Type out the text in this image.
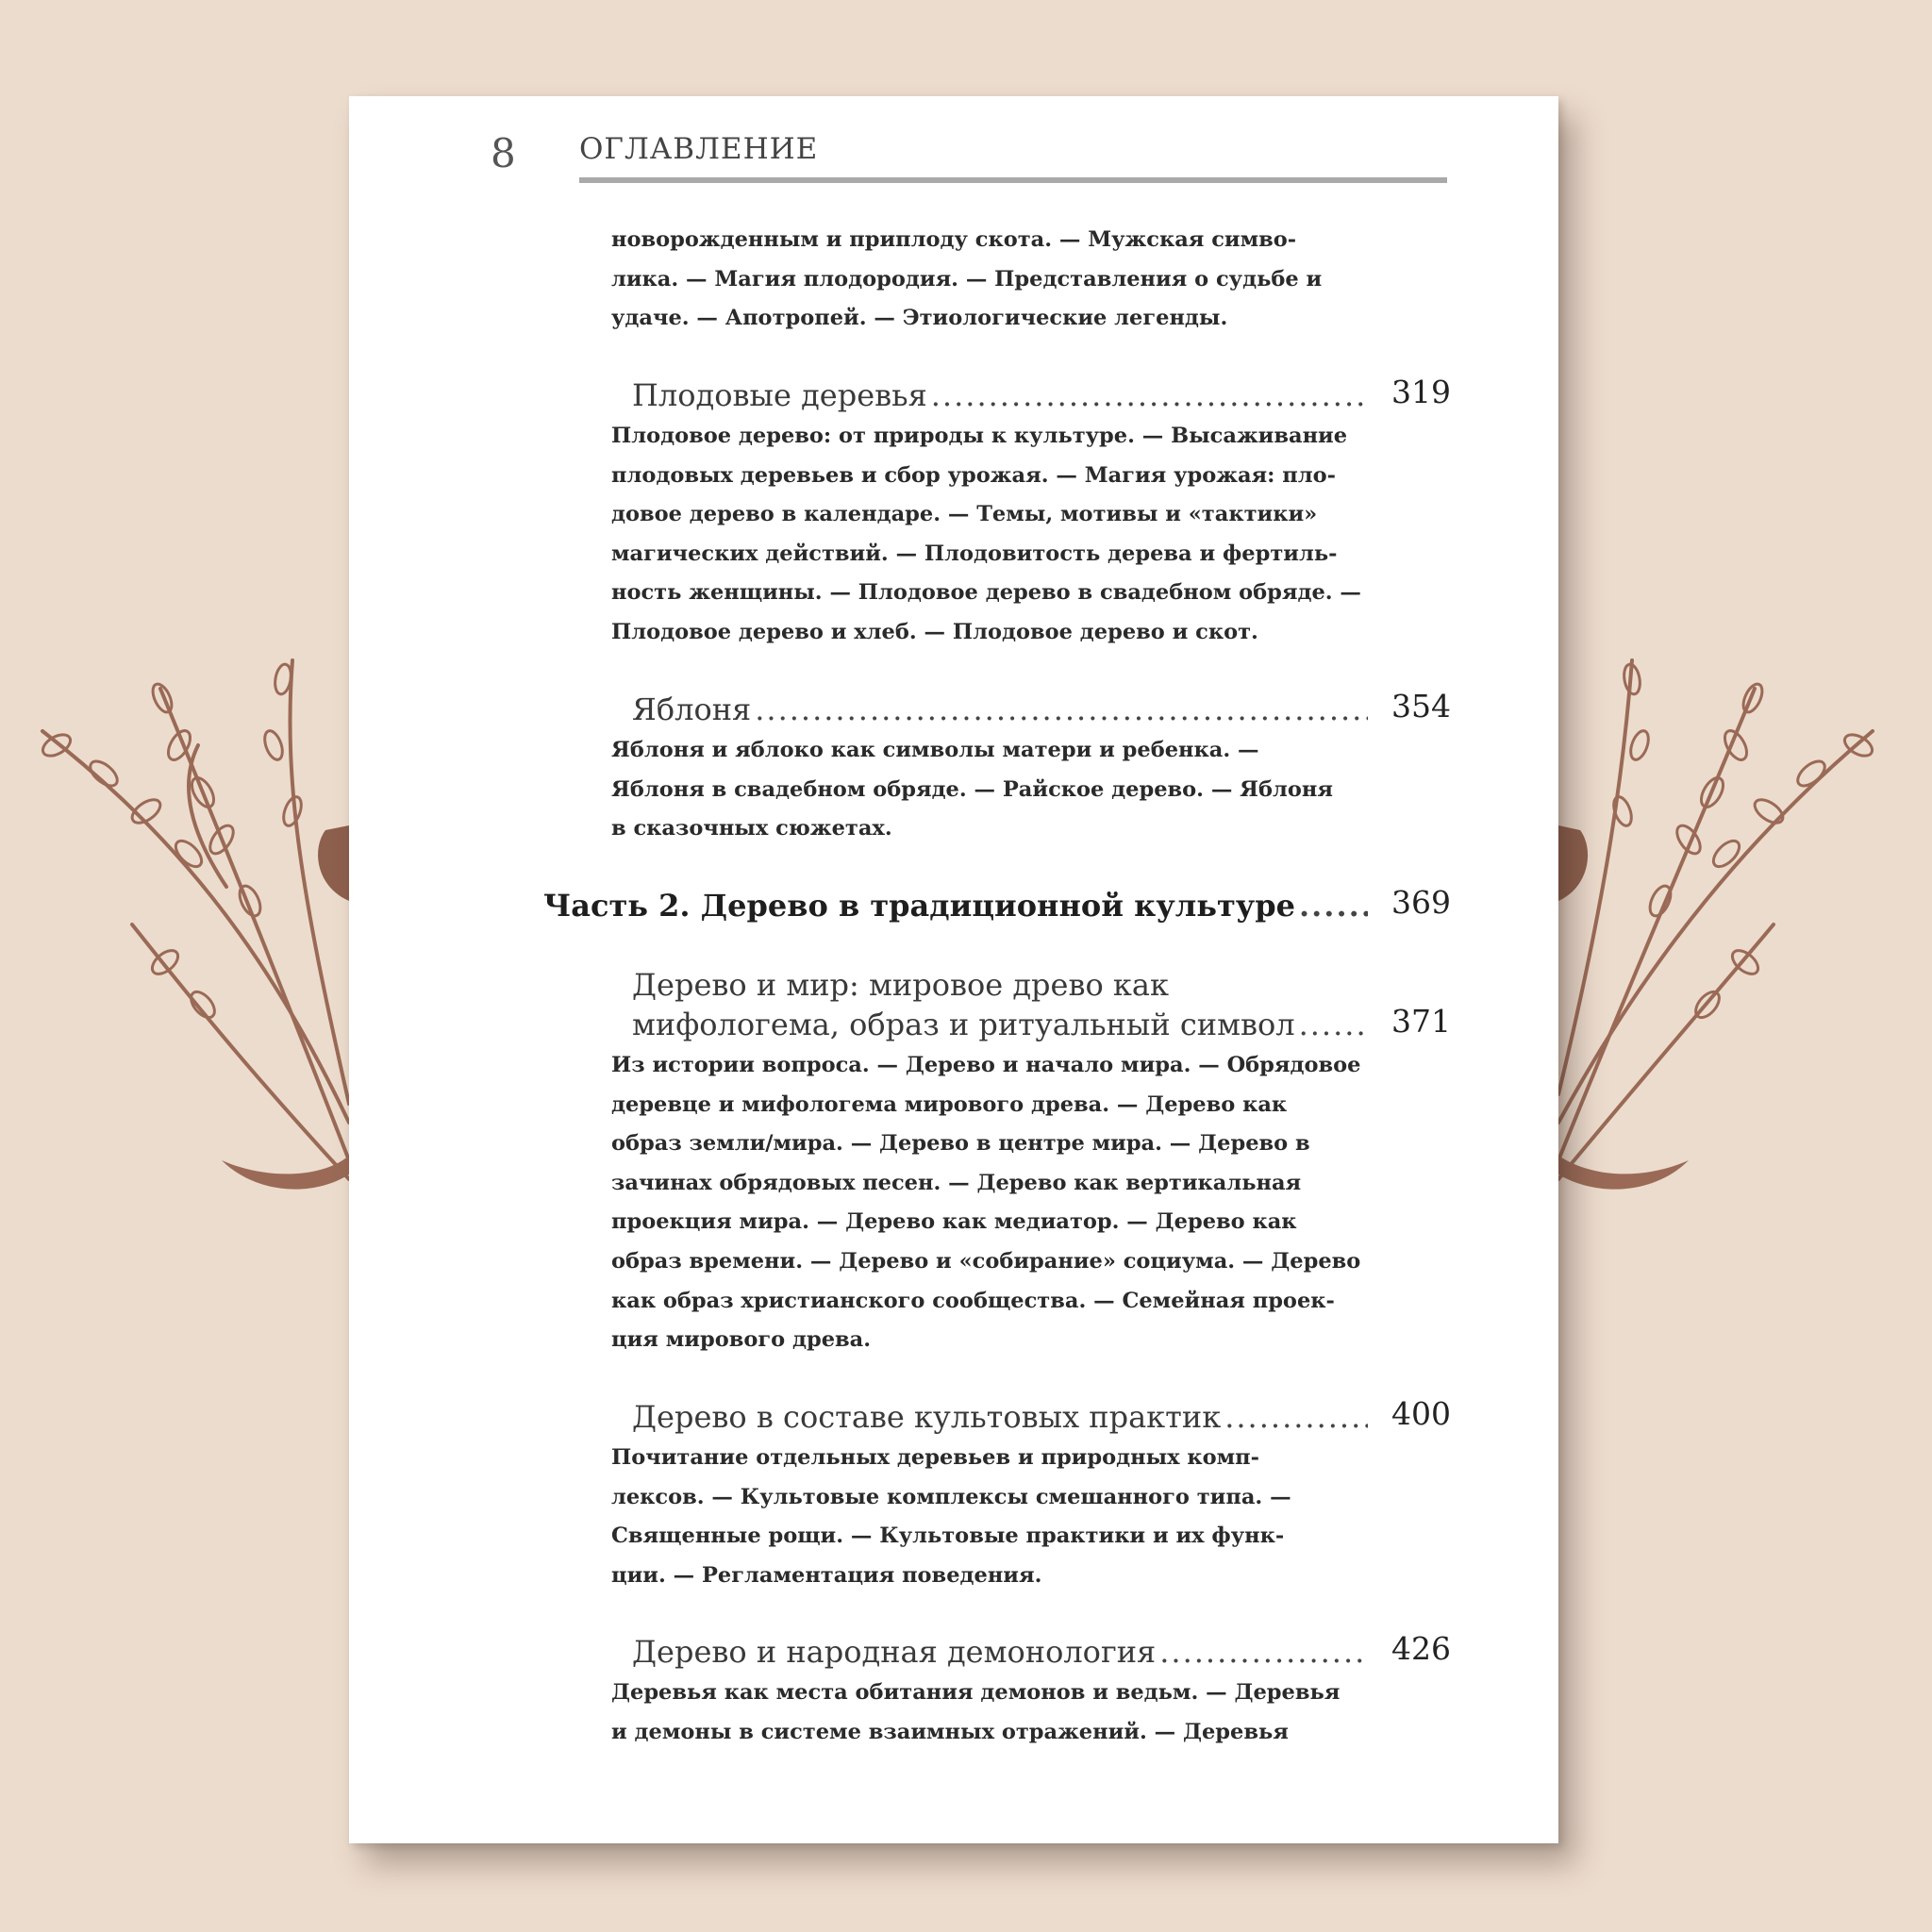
8 ОГЛАВЛЕНИЕ

новорожденным и приплоду скота. — Мужская симво-
лика. — Магия плодородия. — Представления о судьбе и
удаче. — Апотропей. — Этиологические легенды.

Плодовые деревья .....	319

Плодовое дерево: от природы к культуре. — Высаживание
плодовых деревьев и сбор урожая. — Магия урожая: пло-
довое дерево в календаре. — Темы, мотивы и «тактики»
магических действий. — Плодовитость дерева и фертиль-
ность женщины. — Плодовое дерево в свадебном обряде. —
Плодовое дерево и хлеб. — Плодовое дерево и скот.

Яблоня .....	354

Яблоня и яблоко как символы матери и ребенка. —
Яблоня в свадебном обряде. — Райское дерево. — Яблоня
в сказочных сюжетах.

Часть 2. Дерево в традиционной культуре .....	369
Дерево и мир: мировое древо как
мифологема, образ и ритуальный символ .....	371

Из истории вопроса. — Дерево и начало мира. — Обрядовое
деревце и мифологема мирового древа. — Дерево как
образ земли/мира. — Дерево в центре мира. — Дерево в
зачинах обрядовых песен. — Дерево как вертикальная
проекция мира. — Дерево как медиатор. — Дерево как
образ времени. — Дерево и «собирание» социума. — Дерево
как образ христианского сообщества. — Семейная проек-
ция мирового древа.

Дерево в составе культовых практик .....	400

Почитание отдельных деревьев и природных комп-
лексов. — Культовые комплексы смешанного типа. —
Священные рощи. — Культовые практики и их функ-
ции. — Регламентация поведения.

Дерево и народная демонология .....	426

Деревья как места обитания демонов и ведьм. — Деревья
и демоны в системе взаимных отражений. — Деревья
